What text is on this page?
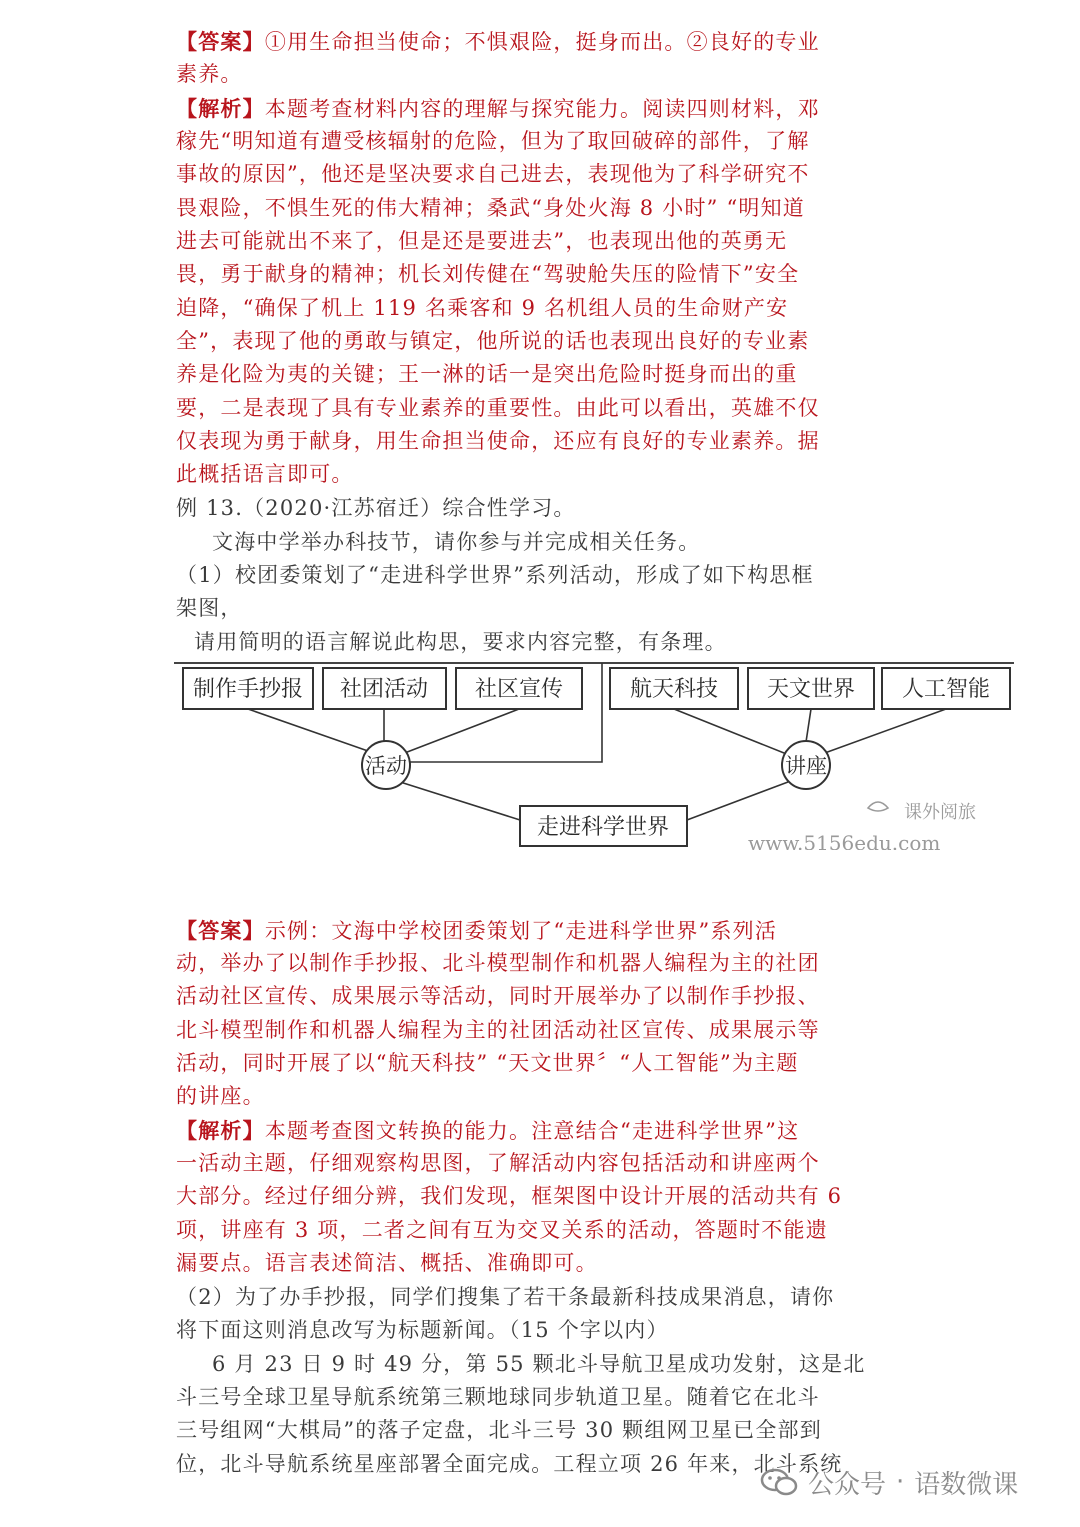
【答案】①用生命担当使命；不惧艰险，挺身而出。②良好的专业

素养。

【解析】本题考查材料内容的理解与探究能力。阅读四则材料，邓

稼先“明知道有遭受核辐射的危险，但为了取回破碎的部件，了解

事故的原因”，他还是坚决要求自己进去，表现他为了科学研究不

畏艰险，不惧生死的伟大精神；桑武“身处火海 8 小时” “明知道

进去可能就出不来了，但是还是要进去”，也表现出他的英勇无

畏，勇于献身的精神；机长刘传健在“驾驶舱失压的险情下”安全

迫降，“确保了机上 119 名乘客和 9 名机组人员的生命财产安

全”，表现了他的勇敢与镇定，他所说的话也表现出良好的专业素

养是化险为夷的关键；王一淋的话一是突出危险时挺身而出的重

要，二是表现了具有专业素养的重要性。由此可以看出，英雄不仅

仅表现为勇于献身，用生命担当使命，还应有良好的专业素养。据

此概括语言即可。

例 13.（2020·江苏宿迁）综合性学习。

文海中学举办科技节，请你参与并完成相关任务。

（1）校团委策划了“走进科学世界”系列活动，形成了如下构思框

架图，

请用简明的语言解说此构思，要求内容完整，有条理。

制作手抄报 社团活动 社区宣传	航天科技 天文世界 人工智能
活动	讲座
走进科学世界
课外阅旅
www.5156edu.com

【答案】示例：文海中学校团委策划了“走进科学世界”系列活

动，举办了以制作手抄报、北斗模型制作和机器人编程为主的社团

活动社区宣传、成果展示等活动，同时开展举办了以制作手抄报、

北斗模型制作和机器人编程为主的社团活动社区宣传、成果展示等

活动，同时开展了以“航天科技” “天文世界〞“人工智能”为主题

的讲座。

【解析】本题考查图文转换的能力。注意结合“走进科学世界”这

一活动主题，仔细观察构思图，了解活动内容包括活动和讲座两个

大部分。经过仔细分辨，我们发现，框架图中设计开展的活动共有 6

项，讲座有 3 项，二者之间有互为交叉关系的活动，答题时不能遗

漏要点。语言表述简洁、概括、准确即可。

（2）为了办手抄报，同学们搜集了若干条最新科技成果消息，请你

将下面这则消息改写为标题新闻。（15 个字以内）

6 月 23 日 9 时 49 分，第 55 颗北斗导航卫星成功发射，这是北

斗三号全球卫星导航系统第三颗地球同步轨道卫星。随着它在北斗

三号组网“大棋局”的落子定盘，北斗三号 30 颗组网卫星已全部到

位，北斗导航系统星座部署全面完成。工程立项 26 年来，北斗系统

公众号 · 语数微课
